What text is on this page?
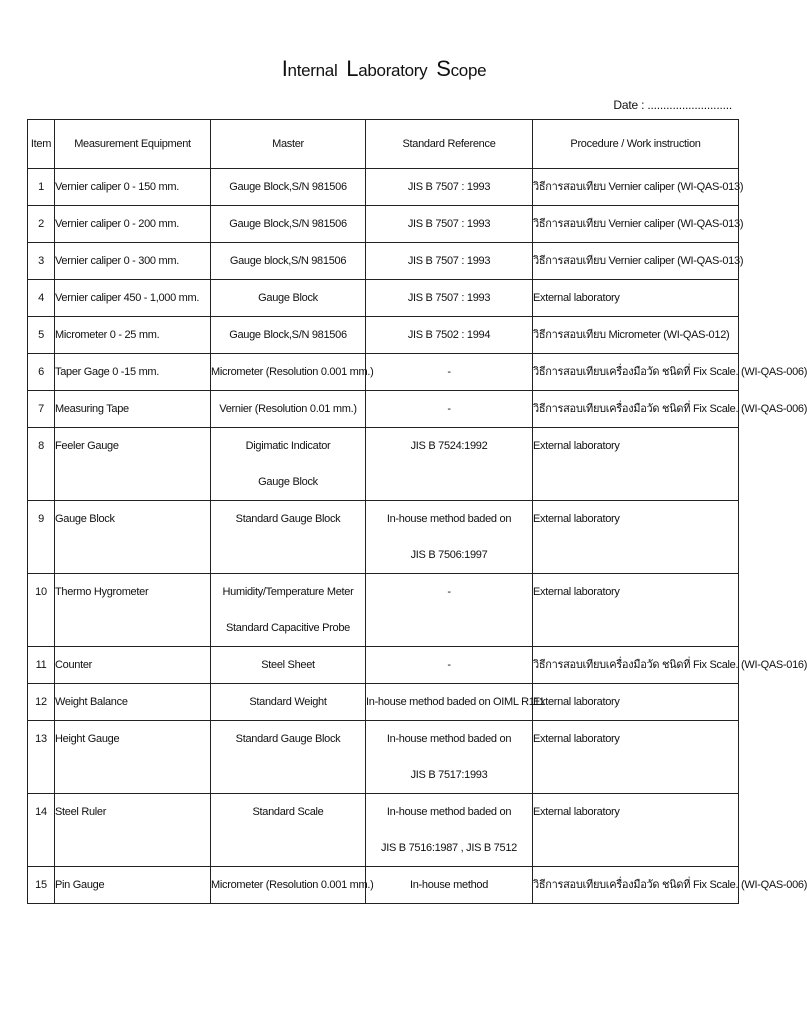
Internal Laboratory Scope
Date : ...........................
Item	Measurement Equipment	Master	Standard Reference	Procedure / Work instruction

1	Vernier caliper 0 - 150 mm.	Gauge Block,S/N 981506	JIS B 7507 : 1993	วิธีการสอบเทียบ Vernier caliper (WI-QAS-013)

2	Vernier caliper 0 - 200 mm.	Gauge Block,S/N 981506	JIS B 7507 : 1993	วิธีการสอบเทียบ Vernier caliper (WI-QAS-013)

3	Vernier caliper 0 - 300 mm.	Gauge block,S/N 981506	JIS B 7507 : 1993	วิธีการสอบเทียบ Vernier caliper (WI-QAS-013)

4	Vernier caliper 450 - 1,000 mm.	Gauge Block	JIS B 7507 : 1993	External laboratory

5	Micrometer 0 - 25 mm.	Gauge Block,S/N 981506	JIS B 7502 : 1994	วิธีการสอบเทียบ Micrometer (WI-QAS-012)

6	Taper Gage 0 -15 mm.	Micrometer (Resolution 0.001 mm.)	-	วิธีการสอบเทียบเครื่องมือวัด ชนิดที่ Fix Scale. (WI-QAS-006)

7	Measuring Tape	Vernier (Resolution 0.01 mm.)	-	วิธีการสอบเทียบเครื่องมือวัด ชนิดที่ Fix Scale. (WI-QAS-006)

8	Feeler Gauge	Digimatic Indicator
Gauge Block	JIS B 7524:1992	External laboratory

9	Gauge Block	Standard Gauge Block	In-house method baded on
JIS B 7506:1997	External laboratory

10	Thermo Hygrometer	Humidity/Temperature Meter
Standard Capacitive Probe	-	External laboratory

11	Counter	Steel Sheet	-	วิธีการสอบเทียบเครื่องมือวัด ชนิดที่ Fix Scale. (WI-QAS-016)

12	Weight Balance	Standard Weight	In-house method baded on OIML R111	External laboratory

13	Height Gauge	Standard Gauge Block	In-house method baded on
JIS B 7517:1993	External laboratory

14	Steel Ruler	Standard Scale	In-house method baded on
JIS B 7516:1987 , JIS B 7512	External laboratory

15	Pin Gauge	Micrometer (Resolution 0.001 mm.)	In-house method	วิธีการสอบเทียบเครื่องมือวัด ชนิดที่ Fix Scale. (WI-QAS-006)
